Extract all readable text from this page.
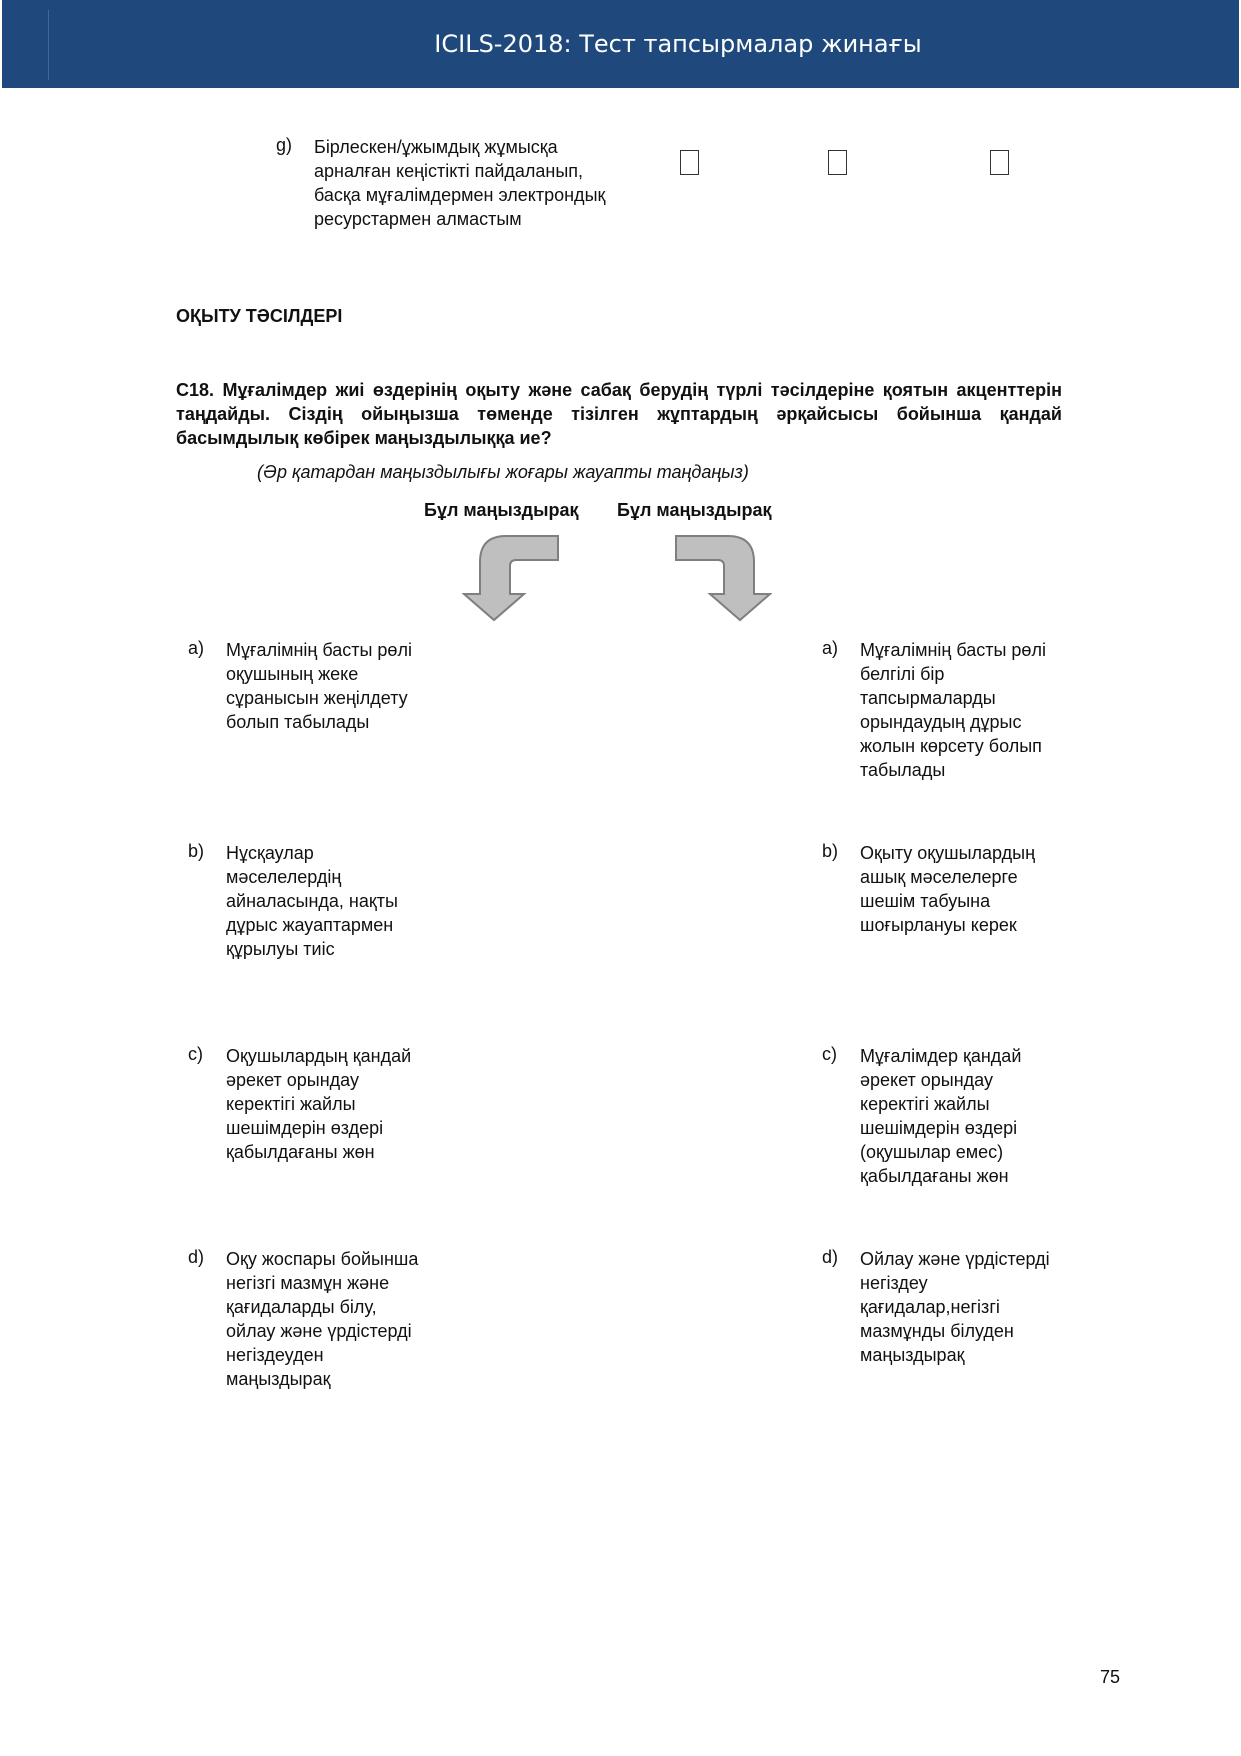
ICILS-2018: Тест тапсырмалар жинағы
g) Бірлескен/ұжымдық жұмысқа арналған кеңістікті пайдаланып, басқа мұғалімдермен электрондық ресурстармен алмастым
ОҚЫТУ ТӘСІЛДЕРІ
C18. Мұғалімдер жиі өздерінің оқыту және сабақ берудің түрлі тәсілдеріне қоятын акценттерін таңдайды. Сіздің ойыңызша төменде тізілген жұптардың әрқайсысы бойынша қандай басымдылық көбірек маңыздылыққа ие?
(Әр қатардан маңыздылығы жоғары жауапты таңдаңыз)
Бұл маңыздырақ Бұл маңыздырақ
a) Мұғалімнің басты рөлі оқушының жеке сұранысын жеңілдету болып табылады
a) Мұғалімнің басты рөлі белгілі бір тапсырмаларды орындаудың дұрыс жолын көрсету болып табылады
b) Нұсқаулар мәселелердің айналасында, нақты дұрыс жауаптармен құрылуы тиіс
b) Оқыту оқушылардың ашық мәселелерге шешім табуына шоғырлануы керек
c) Оқушылардың қандай әрекет орындау керектігі жайлы шешімдерін өздері қабылдағаны жөн
c) Мұғалімдер қандай әрекет орындау керектігі жайлы шешімдерін өздері (оқушылар емес) қабылдағаны жөн
d) Оқу жоспары бойынша негізгі мазмұн және қағидаларды білу, ойлау және үрдістерді негіздеуден маңыздырақ
d) Ойлау және үрдістерді негіздеу қағидалар,негізгі мазмұнды білуден маңыздырақ
75
